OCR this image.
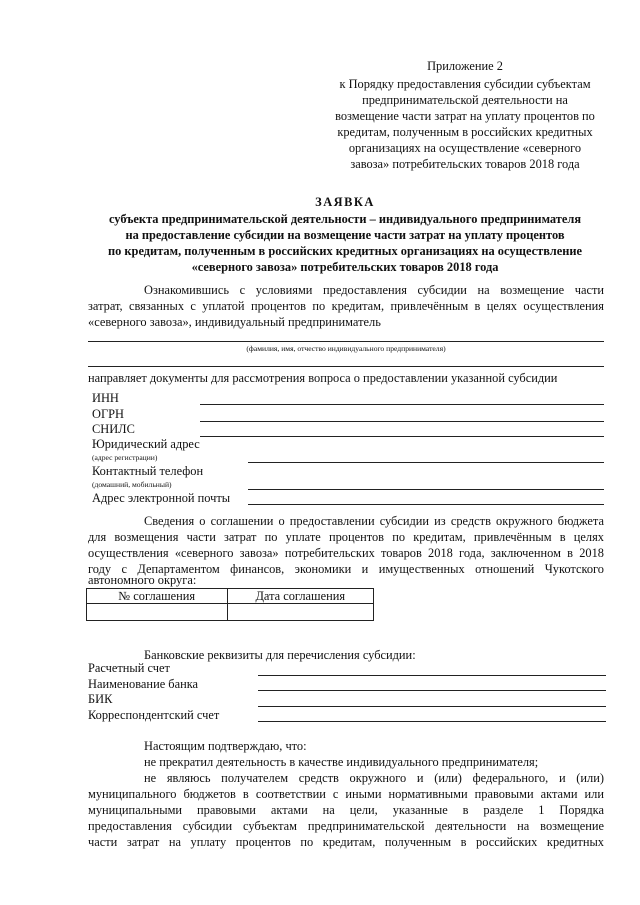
Приложение 2
к Порядку предоставления субсидии субъектам
предпринимательской деятельности на
возмещение части затрат на уплату процентов по
кредитам, полученным в российских кредитных
организациях на осуществление «северного
завоза» потребительских товаров 2018 года
ЗАЯВКА
субъекта предпринимательской деятельности – индивидуального предпринимателя
на предоставление субсидии на возмещение части затрат на уплату процентов
по кредитам, полученным в российских кредитных организациях на осуществление
«северного завоза» потребительских товаров 2018 года
Ознакомившись с условиями предоставления субсидии на возмещение части
затрат, связанных с уплатой процентов по кредитам, привлечённым в целях осуществления
«северного завоза», индивидуальный предприниматель
(фамилия, имя, отчество индивидуального предпринимателя)
направляет документы для рассмотрения вопроса о предоставлении указанной субсидии
ИНН
ОГРН
СНИЛС
Юридический адрес
(адрес регистрации)
Контактный телефон
(домашний, мобильный)
Адрес электронной почты
Сведения о соглашении о предоставлении субсидии из средств окружного бюджета
для возмещения части затрат по уплате процентов по кредитам, привлечённым в целях
осуществления «северного завоза» потребительских товаров 2018 года, заключенном в 2018
году с Департаментом финансов, экономики и имущественных отношений Чукотского
автономного округа:
№ соглашения	Дата соглашения

Банковские реквизиты для перечисления субсидии:
Расчетный счет
Наименование банка
БИК
Корреспондентский счет
Настоящим подтверждаю, что:
не прекратил деятельность в качестве индивидуального предпринимателя;
не являюсь получателем средств окружного и (или) федерального, и (или)
муниципального бюджетов в соответствии с иными нормативными правовыми актами или
муниципальными правовыми актами на цели, указанные в разделе 1 Порядка
предоставления субсидии субъектам предпринимательской деятельности на возмещение
части затрат на уплату процентов по кредитам, полученным в российских кредитных
